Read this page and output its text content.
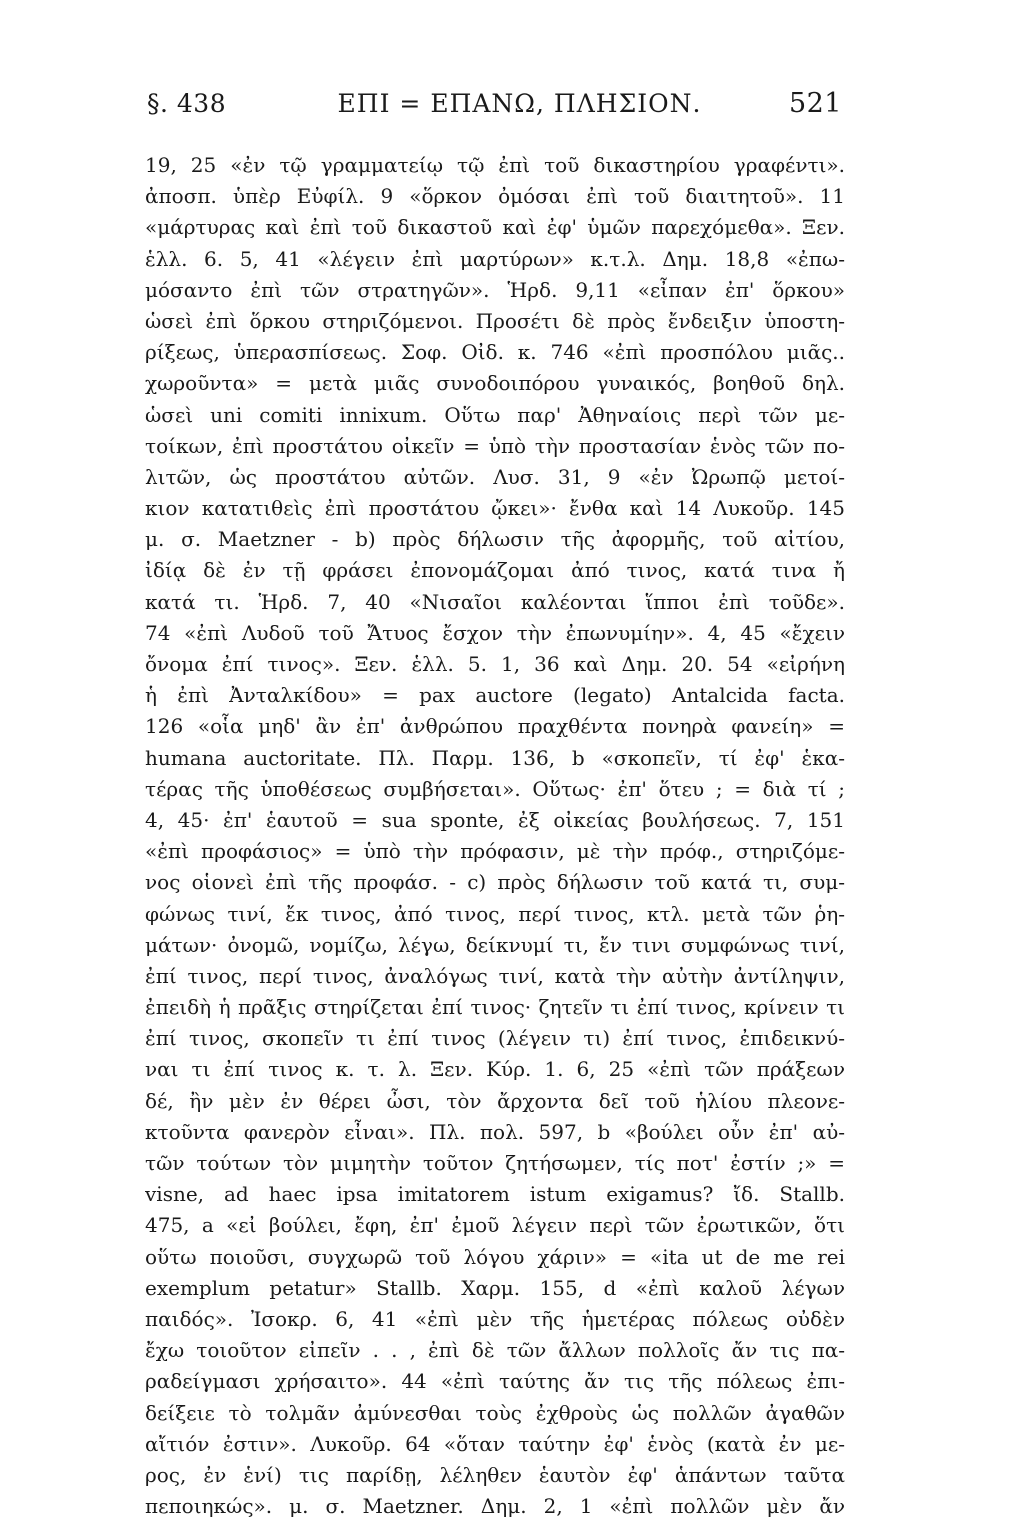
§. 438	ΕΠΙ = ΕΠΑΝΩ, ΠΛΗΣΙΟΝ.	521
19, 25 «ἐν τῷ γραμματείῳ τῷ ἐπὶ τοῦ δικαστηρίου γραφέντι».
ἀποσπ. ὑπὲρ Εὐφίλ. 9 «ὅρκον ὀμόσαι ἐπὶ τοῦ διαιτητοῦ». 11
«μάρτυρας καὶ ἐπὶ τοῦ δικαστοῦ καὶ ἐφ' ὑμῶν παρεχόμεθα». Ξεν.
ἑλλ. 6. 5, 41 «λέγειν ἐπὶ μαρτύρων» κ.τ.λ. Δημ. 18,8 «ἐπω-
μόσαντο ἐπὶ τῶν στρατηγῶν». Ἡρδ. 9,11 «εἶπαν ἐπ' ὅρκου»
ὡσεὶ ἐπὶ ὅρκου στηριζόμενοι. Προσέτι δὲ πρὸς ἔνδειξιν ὑποστη-
ρίξεως, ὑπερασπίσεως. Σοφ. Οἰδ. κ. 746 «ἐπὶ προσπόλου μιᾶς..
χωροῦντα» = μετὰ μιᾶς συνοδοιπόρου γυναικός, βοηθοῦ δηλ.
ὡσεὶ uni comiti innixum. Οὕτω παρ' Ἀθηναίοις περὶ τῶν με-
τοίκων, ἐπὶ προστάτου οἰκεῖν = ὑπὸ τὴν προστασίαν ἑνὸς τῶν πο-
λιτῶν, ὡς προστάτου αὐτῶν. Λυσ. 31, 9 «ἐν Ὠρωπῷ μετοί-
κιον κατατιθεὶς ἐπὶ προστάτου ᾤκει»· ἔνθα καὶ 14 Λυκοῦρ. 145
μ. σ. Maetzner - b) πρὸς δήλωσιν τῆς ἀφορμῆς, τοῦ αἰτίου,
ἰδίᾳ δὲ ἐν τῇ φράσει ἐπονομάζομαι ἀπό τινος, κατά τινα ἤ
κατά τι. Ἡρδ. 7, 40 «Νισαῖοι καλέονται ἵπποι ἐπὶ τοῦδε».
74 «ἐπὶ Λυδοῦ τοῦ Ἄτυος ἔσχον τὴν ἐπωνυμίην». 4, 45 «ἔχειν
ὄνομα ἐπί τινος». Ξεν. ἑλλ. 5. 1, 36 καὶ Δημ. 20. 54 «εἰρήνη
ἡ ἐπὶ Ἀνταλκίδου» = pax auctore (legato) Antalcida facta.
126 «οἷα μηδ' ἂν ἐπ' ἀνθρώπου πραχθέντα πονηρὰ φανείη» =
humana auctoritate. Πλ. Παρμ. 136, b «σκοπεῖν, τί ἐφ' ἑκα-
τέρας τῆς ὑποθέσεως συμβήσεται». Οὕτως· ἐπ' ὅτευ ; = διὰ τί ;
4, 45· ἐπ' ἑαυτοῦ = sua sponte, ἐξ οἰκείας βουλήσεως. 7, 151
«ἐπὶ προφάσιος» = ὑπὸ τὴν πρόφασιν, μὲ τὴν πρόφ., στηριζόμε-
νος οἱονεὶ ἐπὶ τῆς προφάσ. - c) πρὸς δήλωσιν τοῦ κατά τι, συμ-
φώνως τινί, ἔκ τινος, ἀπό τινος, περί τινος, κτλ. μετὰ τῶν ῥη-
μάτων· ὀνομῶ, νομίζω, λέγω, δείκνυμί τι, ἔν τινι συμφώνως τινί,
ἐπί τινος, περί τινος, ἀναλόγως τινί, κατὰ τὴν αὐτὴν ἀντίληψιν,
ἐπειδὴ ἡ πρᾶξις στηρίζεται ἐπί τινος· ζητεῖν τι ἐπί τινος, κρίνειν τι
ἐπί τινος, σκοπεῖν τι ἐπί τινος (λέγειν τι) ἐπί τινος, ἐπιδεικνύ-
ναι τι ἐπί τινος κ. τ. λ. Ξεν. Κύρ. 1. 6, 25 «ἐπὶ τῶν πράξεων
δέ, ἢν μὲν ἐν θέρει ὦσι, τὸν ἄρχοντα δεῖ τοῦ ἡλίου πλεονε-
κτοῦντα φανερὸν εἶναι». Πλ. πολ. 597, b «βούλει οὖν ἐπ' αὐ-
τῶν τούτων τὸν μιμητὴν τοῦτον ζητήσωμεν, τίς ποτ' ἐστίν ;» =
visne, ad haec ipsa imitatorem istum exigamus? ἴδ. Stallb.
475, a «εἰ βούλει, ἔφη, ἐπ' ἐμοῦ λέγειν περὶ τῶν ἐρωτικῶν, ὅτι
οὕτω ποιοῦσι, συγχωρῶ τοῦ λόγου χάριν» = «ita ut de me rei
exemplum petatur» Stallb. Χαρμ. 155, d «ἐπὶ καλοῦ λέγων
παιδός». Ἰσοκρ. 6, 41 «ἐπὶ μὲν τῆς ἡμετέρας πόλεως οὐδὲν
ἔχω τοιοῦτον εἰπεῖν . . , ἐπὶ δὲ τῶν ἄλλων πολλοῖς ἄν τις πα-
ραδείγμασι χρήσαιτο». 44 «ἐπὶ ταύτης ἄν τις τῆς πόλεως ἐπι-
δείξειε τὸ τολμᾶν ἀμύνεσθαι τοὺς ἐχθροὺς ὡς πολλῶν ἀγαθῶν
αἴτιόν ἐστιν». Λυκοῦρ. 64 «ὅταν ταύτην ἐφ' ἑνὸς (κατὰ ἐν με-
ρος, ἐν ἑνί) τις παρίδῃ, λέληθεν ἑαυτὸν ἐφ' ἁπάντων ταῦτα
πεποιηκώς». μ. σ. Maetzner. Δημ. 2, 1 «ἐπὶ πολλῶν μὲν ἄν
